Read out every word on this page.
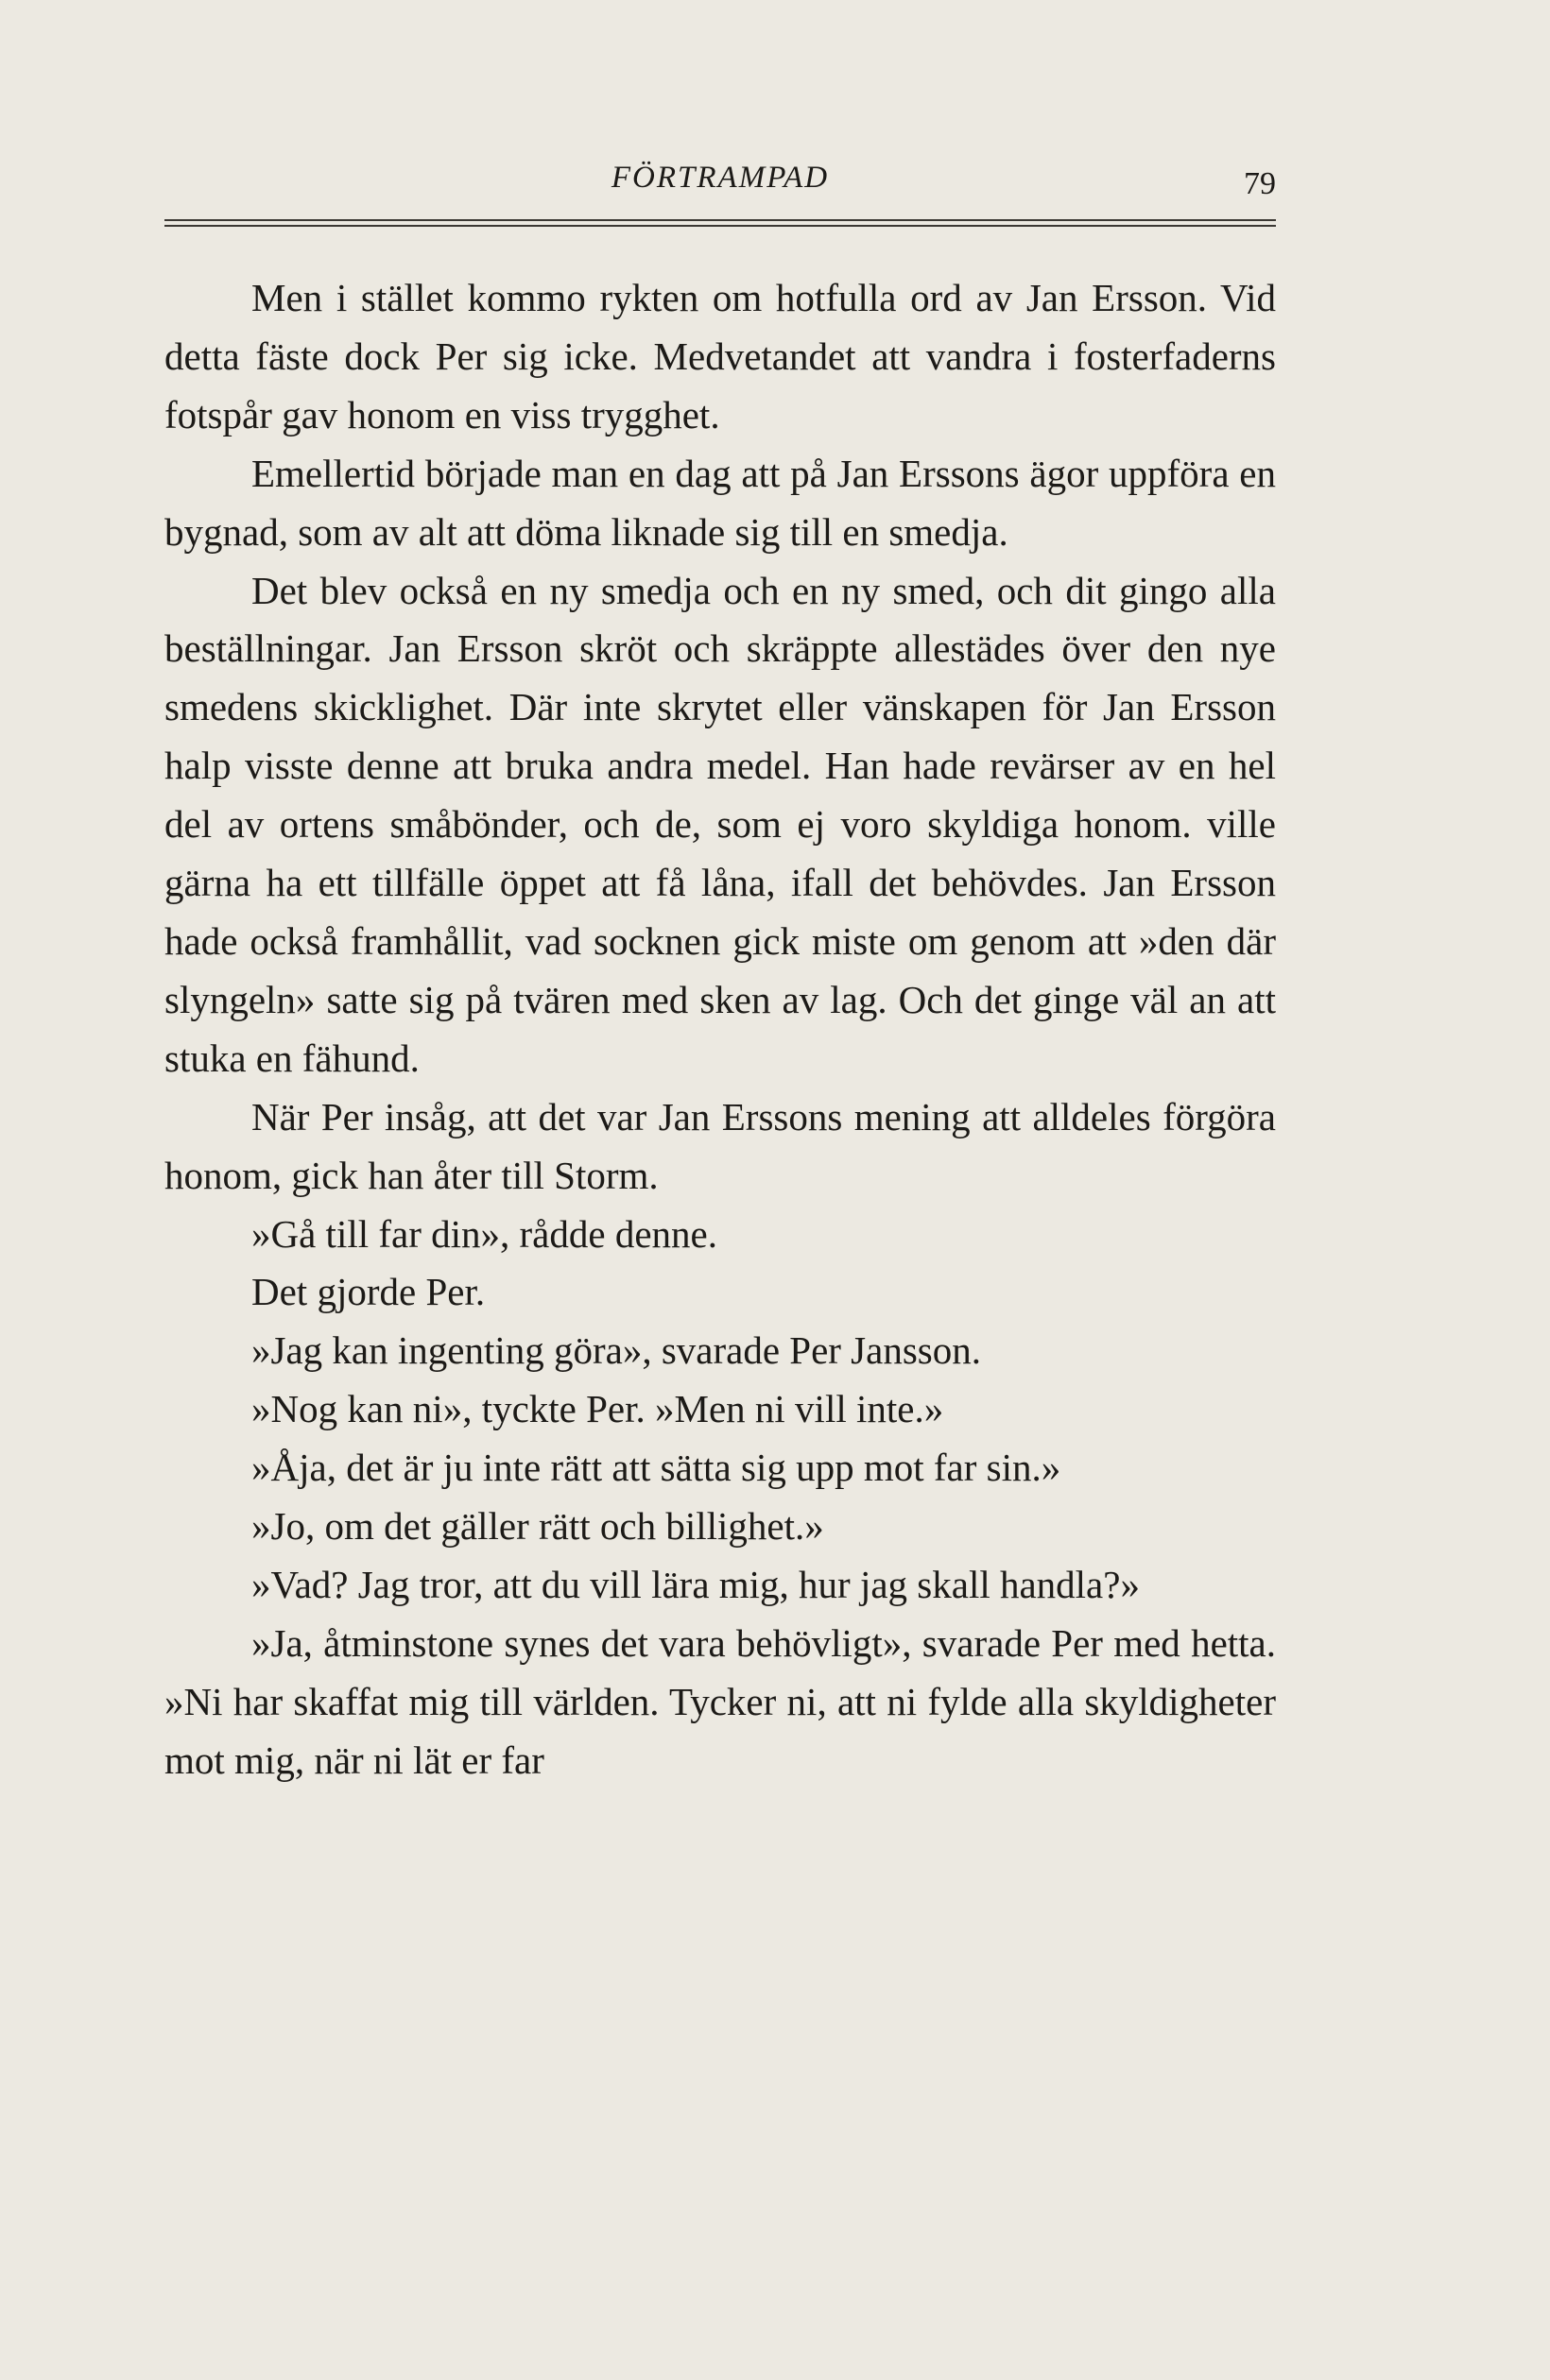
FÖRTRAMPAD	79

Men i stället kommo rykten om hotfulla ord av Jan Ersson. Vid detta fäste dock Per sig icke. Medvetandet att vandra i fosterfaderns fotspår gav honom en viss trygghet.

Emellertid började man en dag att på Jan Erssons ägor uppföra en bygnad, som av alt att döma liknade sig till en smedja.

Det blev också en ny smedja och en ny smed, och dit gingo alla beställningar. Jan Ersson skröt och skräppte allestädes över den nye smedens skicklighet. Där inte skrytet eller vänskapen för Jan Ersson halp visste denne att bruka andra medel. Han hade revärser av en hel del av ortens småbönder, och de, som ej voro skyldiga honom. ville gärna ha ett tillfälle öppet att få låna, ifall det behövdes. Jan Ersson hade också framhållit, vad socknen gick miste om genom att »den där slyngeln» satte sig på tvären med sken av lag. Och det ginge väl an att stuka en fähund.

När Per insåg, att det var Jan Erssons mening att alldeles förgöra honom, gick han åter till Storm.

»Gå till far din», rådde denne.

Det gjorde Per.

»Jag kan ingenting göra», svarade Per Jansson.

»Nog kan ni», tyckte Per. »Men ni vill inte.»

»Åja, det är ju inte rätt att sätta sig upp mot far sin.»

»Jo, om det gäller rätt och billighet.»

»Vad? Jag tror, att du vill lära mig, hur jag skall handla?»

»Ja, åtminstone synes det vara behövligt», svarade Per med hetta. »Ni har skaffat mig till världen. Tycker ni, att ni fylde alla skyldigheter mot mig, när ni lät er far
